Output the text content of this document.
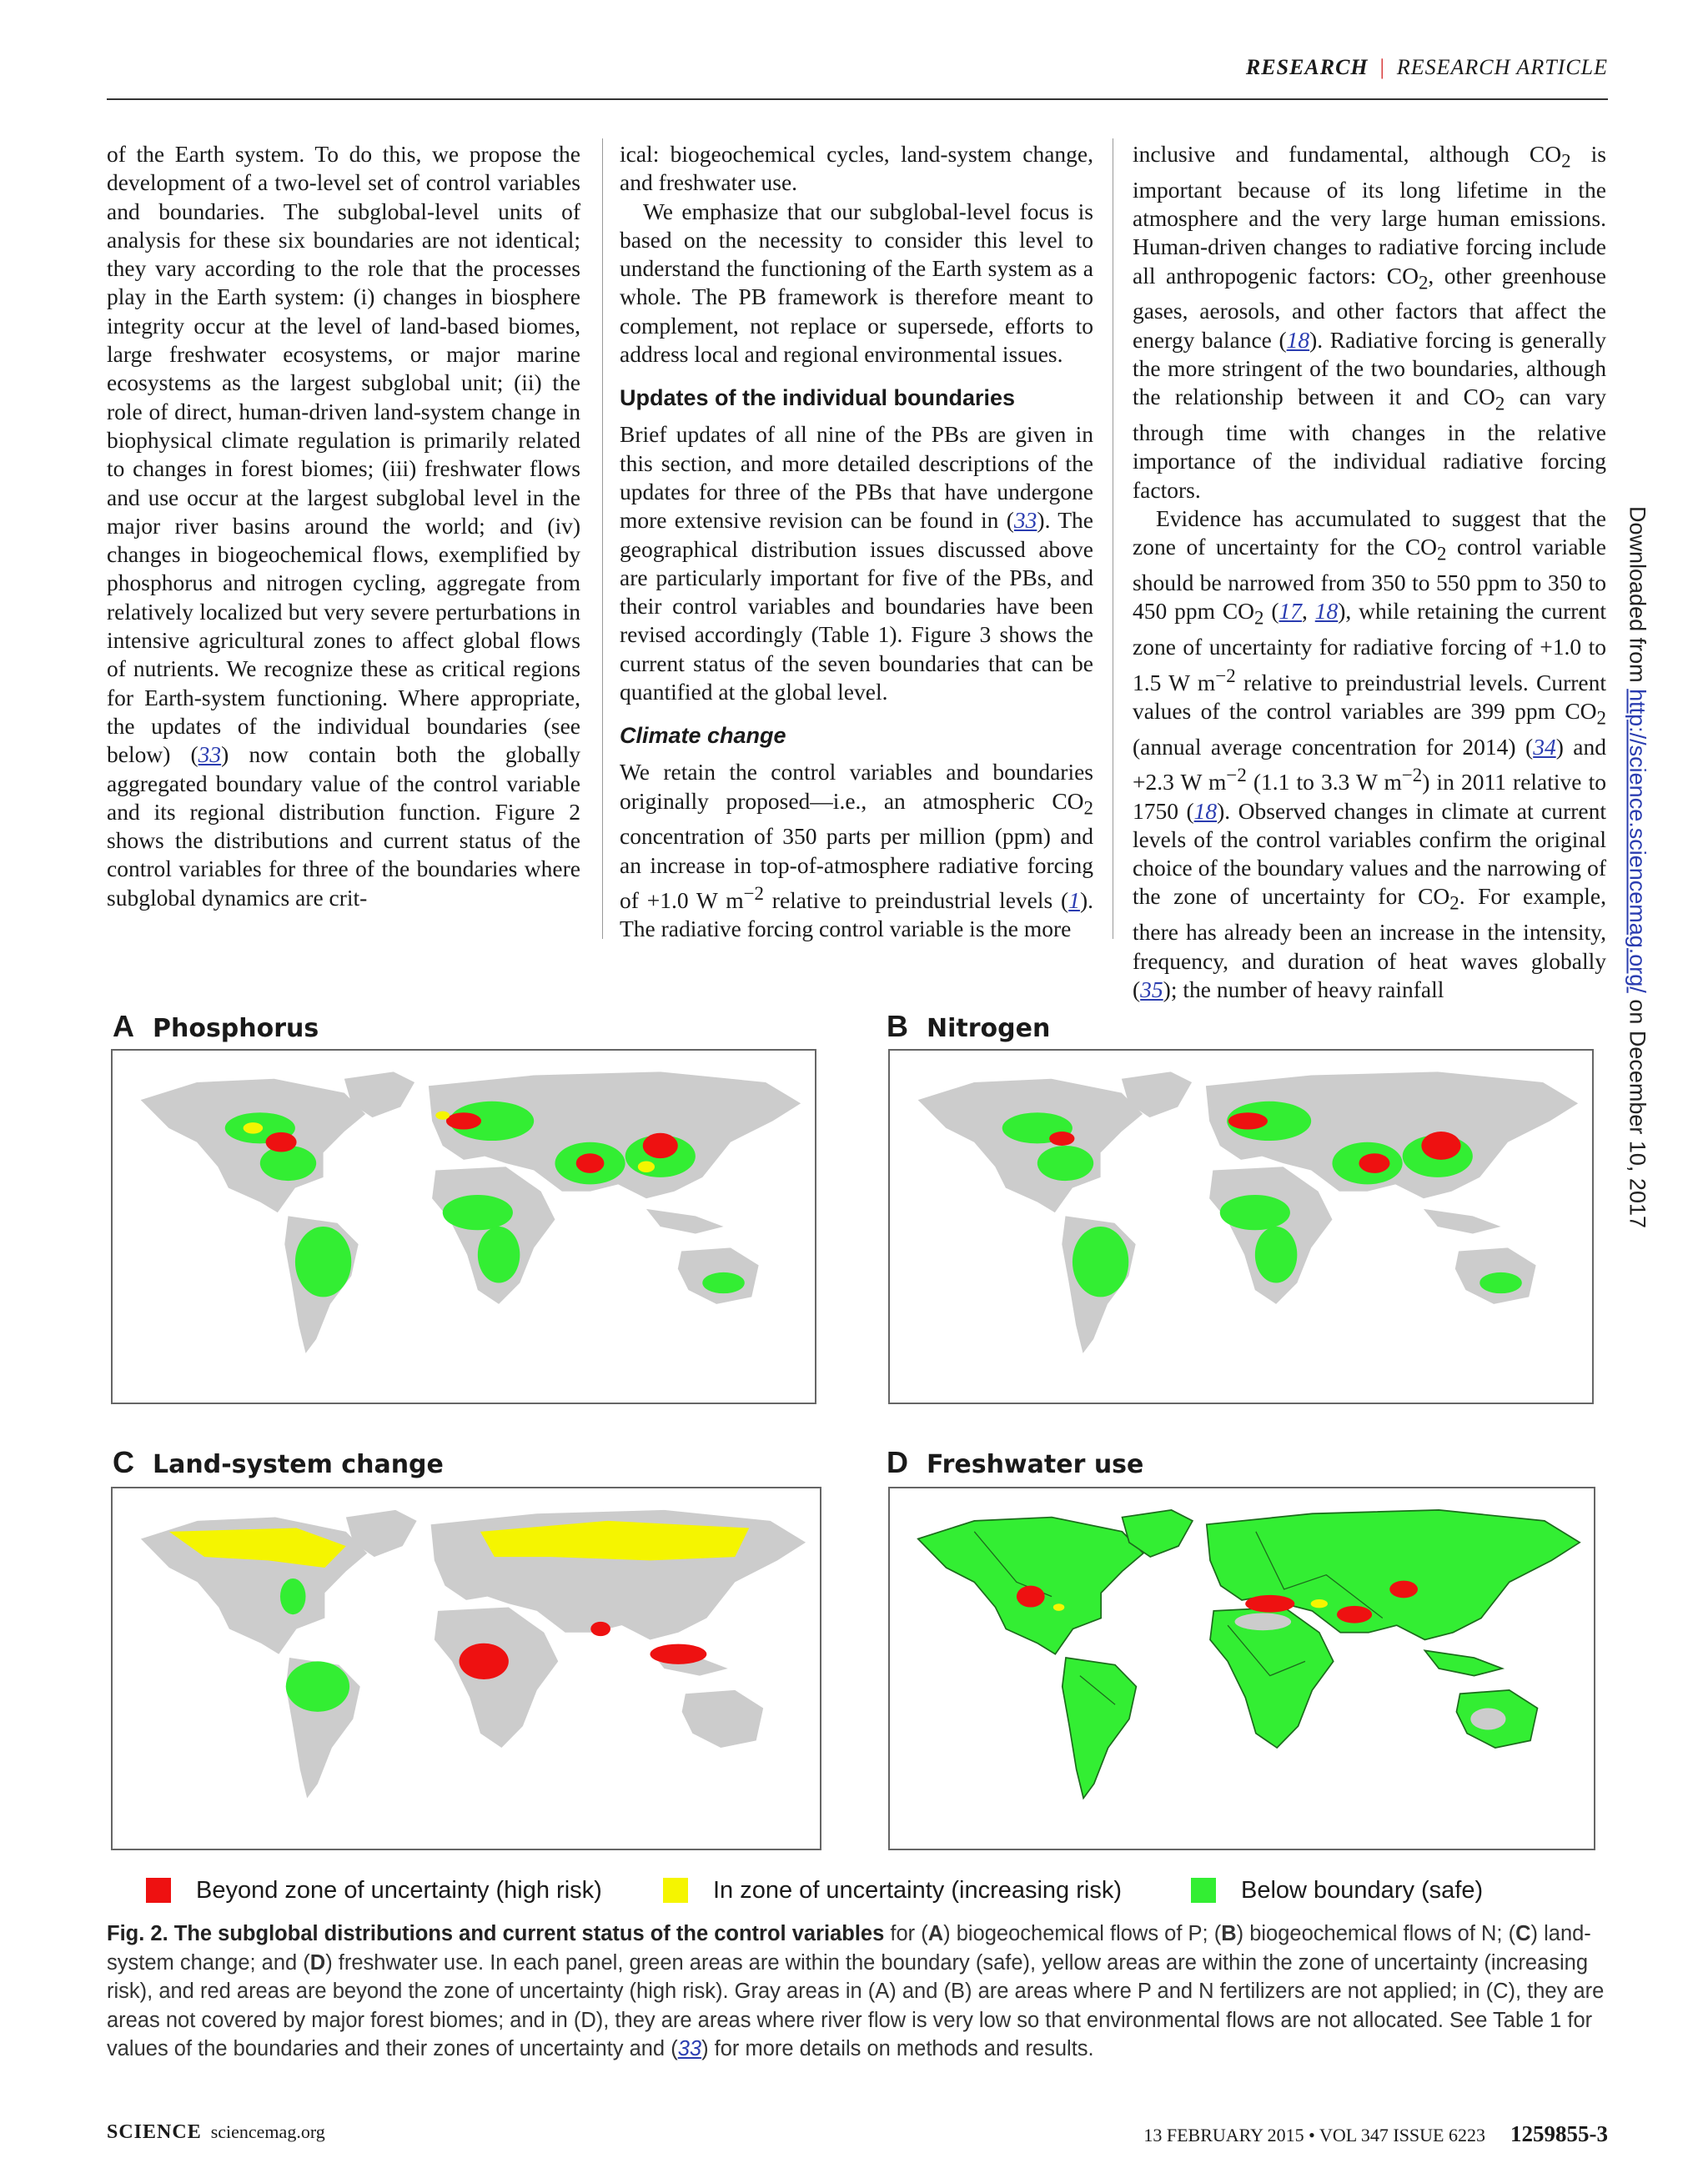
RESEARCH | RESEARCH ARTICLE

of the Earth system. To do this, we propose the development of a two-level set of control variables and boundaries. The subglobal-level units of analysis for these six boundaries are not identical; they vary according to the role that the processes play in the Earth system: (i) changes in biosphere integrity occur at the level of land-based biomes, large freshwater ecosystems, or major marine ecosystems as the largest subglobal unit; (ii) the role of direct, human-driven land-system change in biophysical climate regulation is primarily related to changes in forest biomes; (iii) freshwater flows and use occur at the largest subglobal level in the major river basins around the world; and (iv) changes in biogeochemical flows, exemplified by phosphorus and nitrogen cycling, aggregate from relatively localized but very severe perturbations in intensive agricultural zones to affect global flows of nutrients. We recognize these as critical regions for Earth-system functioning. Where appropriate, the updates of the individual boundaries (see below) (33) now contain both the globally aggregated boundary value of the control variable and its regional distribution function. Figure 2 shows the distributions and current status of the control variables for three of the boundaries where subglobal dynamics are crit-

ical: biogeochemical cycles, land-system change, and freshwater use.

We emphasize that our subglobal-level focus is based on the necessity to consider this level to understand the functioning of the Earth system as a whole. The PB framework is therefore meant to complement, not replace or supersede, efforts to address local and regional environmental issues.

Updates of the individual boundaries

Brief updates of all nine of the PBs are given in this section, and more detailed descriptions of the updates for three of the PBs that have undergone more extensive revision can be found in (33). The geographical distribution issues discussed above are particularly important for five of the PBs, and their control variables and boundaries have been revised accordingly (Table 1). Figure 3 shows the current status of the seven boundaries that can be quantified at the global level.

Climate change

We retain the control variables and boundaries originally proposed—i.e., an atmospheric $CO_2$ concentration of 350 parts per million (ppm) and an increase in top-of-atmosphere radiative forcing of +1.0 W $m^{-2}$ relative to preindustrial levels (1). The radiative forcing control variable is the more

inclusive and fundamental, although $CO_2$ is important because of its long lifetime in the atmosphere and the very large human emissions. Human-driven changes to radiative forcing include all anthropogenic factors: $CO_2$, other greenhouse gases, aerosols, and other factors that affect the energy balance (18). Radiative forcing is generally the more stringent of the two boundaries, although the relationship between it and $CO_2$ can vary through time with changes in the relative importance of the individual radiative forcing factors.

Evidence has accumulated to suggest that the zone of uncertainty for the $CO_2$ control variable should be narrowed from 350 to 550 ppm to 350 to 450 ppm $CO_2$ (17, 18), while retaining the current zone of uncertainty for radiative forcing of +1.0 to 1.5 W $m^{-2}$ relative to preindustrial levels. Current values of the control variables are 399 ppm $CO_2$ (annual average concentration for 2014) (34) and +2.3 W $m^{-2}$ (1.1 to 3.3 W $m^{-2}$) in 2011 relative to 1750 (18). Observed changes in climate at current levels of the control variables confirm the original choice of the boundary values and the narrowing of the zone of uncertainty for $CO_2$. For example, there has already been an increase in the intensity, frequency, and duration of heat waves globally (35); the number of heavy rainfall

Downloaded from http://science.sciencemag.org/ on December 10, 2017
A Phosphorus	B Nitrogen
C Land-system change	D Freshwater use
Beyond zone of uncertainty (high risk)	In zone of uncertainty (increasing risk)	Below boundary (safe)
Fig. 2. The subglobal distributions and current status of the control variables for (A) biogeochemical flows of P; (B) biogeochemical flows of N; (C) land-system change; and (D) freshwater use. In each panel, green areas are within the boundary (safe), yellow areas are within the zone of uncertainty (increasing risk), and red areas are beyond the zone of uncertainty (high risk). Gray areas in (A) and (B) are areas where P and N fertilizers are not applied; in (C), they are areas not covered by major forest biomes; and in (D), they are areas where river flow is very low so that environmental flows are not allocated. See Table 1 for values of the boundaries and their zones of uncertainty and (33) for more details on methods and results.
SCIENCE sciencemag.org	13 FEBRUARY 2015 • VOL 347 ISSUE 6223 1259855-3
